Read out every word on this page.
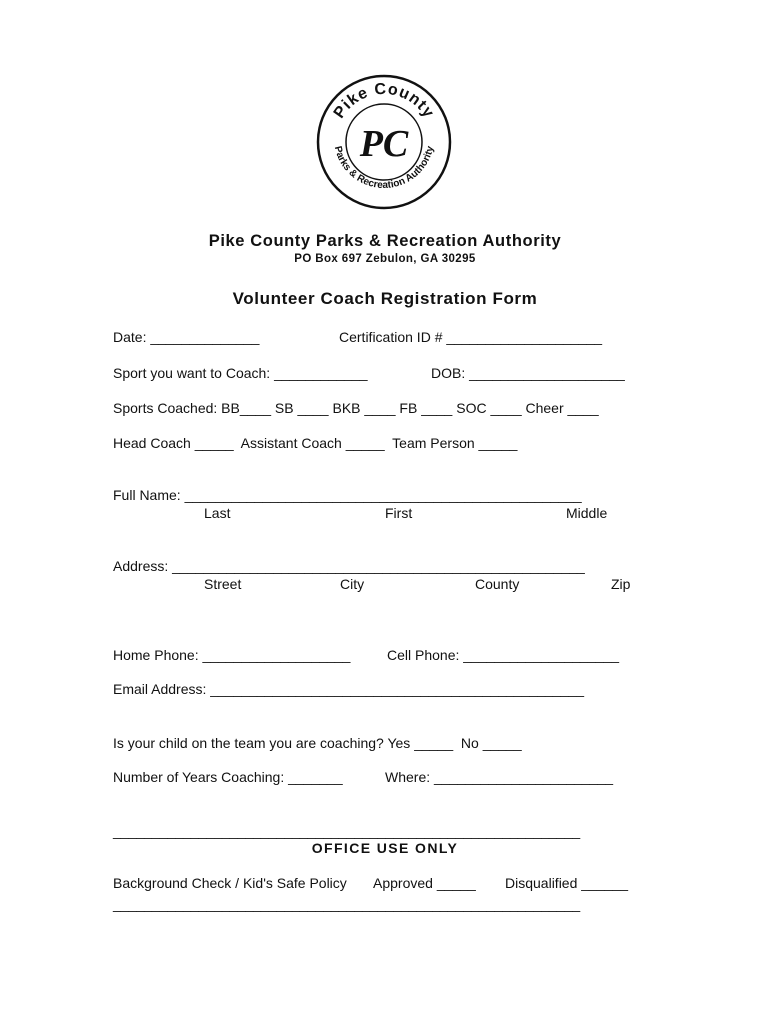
Pike County
Parks & Recreation Authority
PC
Pike County Parks & Recreation Authority
PO Box 697 Zebulon, GA 30295
Volunteer Coach Registration Form
Date: ______________	Certification ID # ____________________
Sport you want to Coach: ____________	DOB: ____________________
Sports Coached: BB____ SB ____ BKB ____ FB ____ SOC ____ Cheer ____
Head Coach _____  Assistant Coach _____  Team Person _____
Full Name: ___________________________________________________
Last	First	Middle
Address: _____________________________________________________
Street	City	County	Zip
Home Phone: ___________________	Cell Phone: ____________________
Email Address: ________________________________________________
Is your child on the team you are coaching? Yes _____  No _____
Number of Years Coaching: _______	Where: _______________________
____________________________________________________________
OFFICE USE ONLY
Background Check / Kid's Safe Policy Approved _____ Disqualified ______
____________________________________________________________
